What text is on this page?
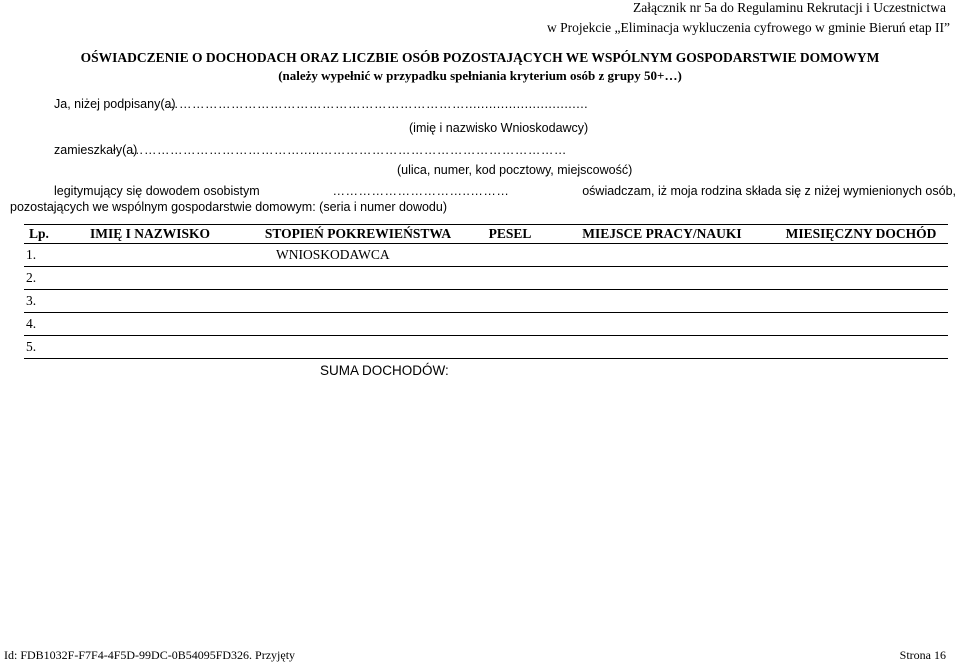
Załącznik nr 5a do Regulaminu Rekrutacji i Uczestnictwa
w Projekcie „Eliminacja wykluczenia cyfrowego w gminie Bieruń etap II”
OŚWIADCZENIE O DOCHODACH ORAZ LICZBIE OSÓB POZOSTAJĄCYCH WE WSPÓLNYM GOSPODARSTWIE DOMOWYM
(należy wypełnić w przypadku spełniania kryterium osób z grupy 50+…)
Ja, niżej podpisany(a)
……………………………………………………………...............................
(imię i nazwisko Wnioskodawcy)
zamieszkały(a)
………………………………….....…………………………………………………
(ulica, numer, kod pocztowy, miejscowość)
legitymujący się dowodem osobistym	…………………………..………	oświadczam, iż moja rodzina składa się z niżej wymienionych osób,
pozostających we wspólnym gospodarstwie domowym: (seria i numer dowodu)
Lp.	IMIĘ I NAZWISKO	STOPIEŃ POKREWIEŃSTWA	PESEL	MIEJSCE PRACY/NAUKI	MIESIĘCZNY DOCHÓD
1.		WNIOSKODAWCA			
2.					
3.					
4.					
5.					
		SUMA DOCHODÓW:			
Id: FDB1032F-F7F4-4F5D-99DC-0B54095FD326. Przyjęty	Strona 16
